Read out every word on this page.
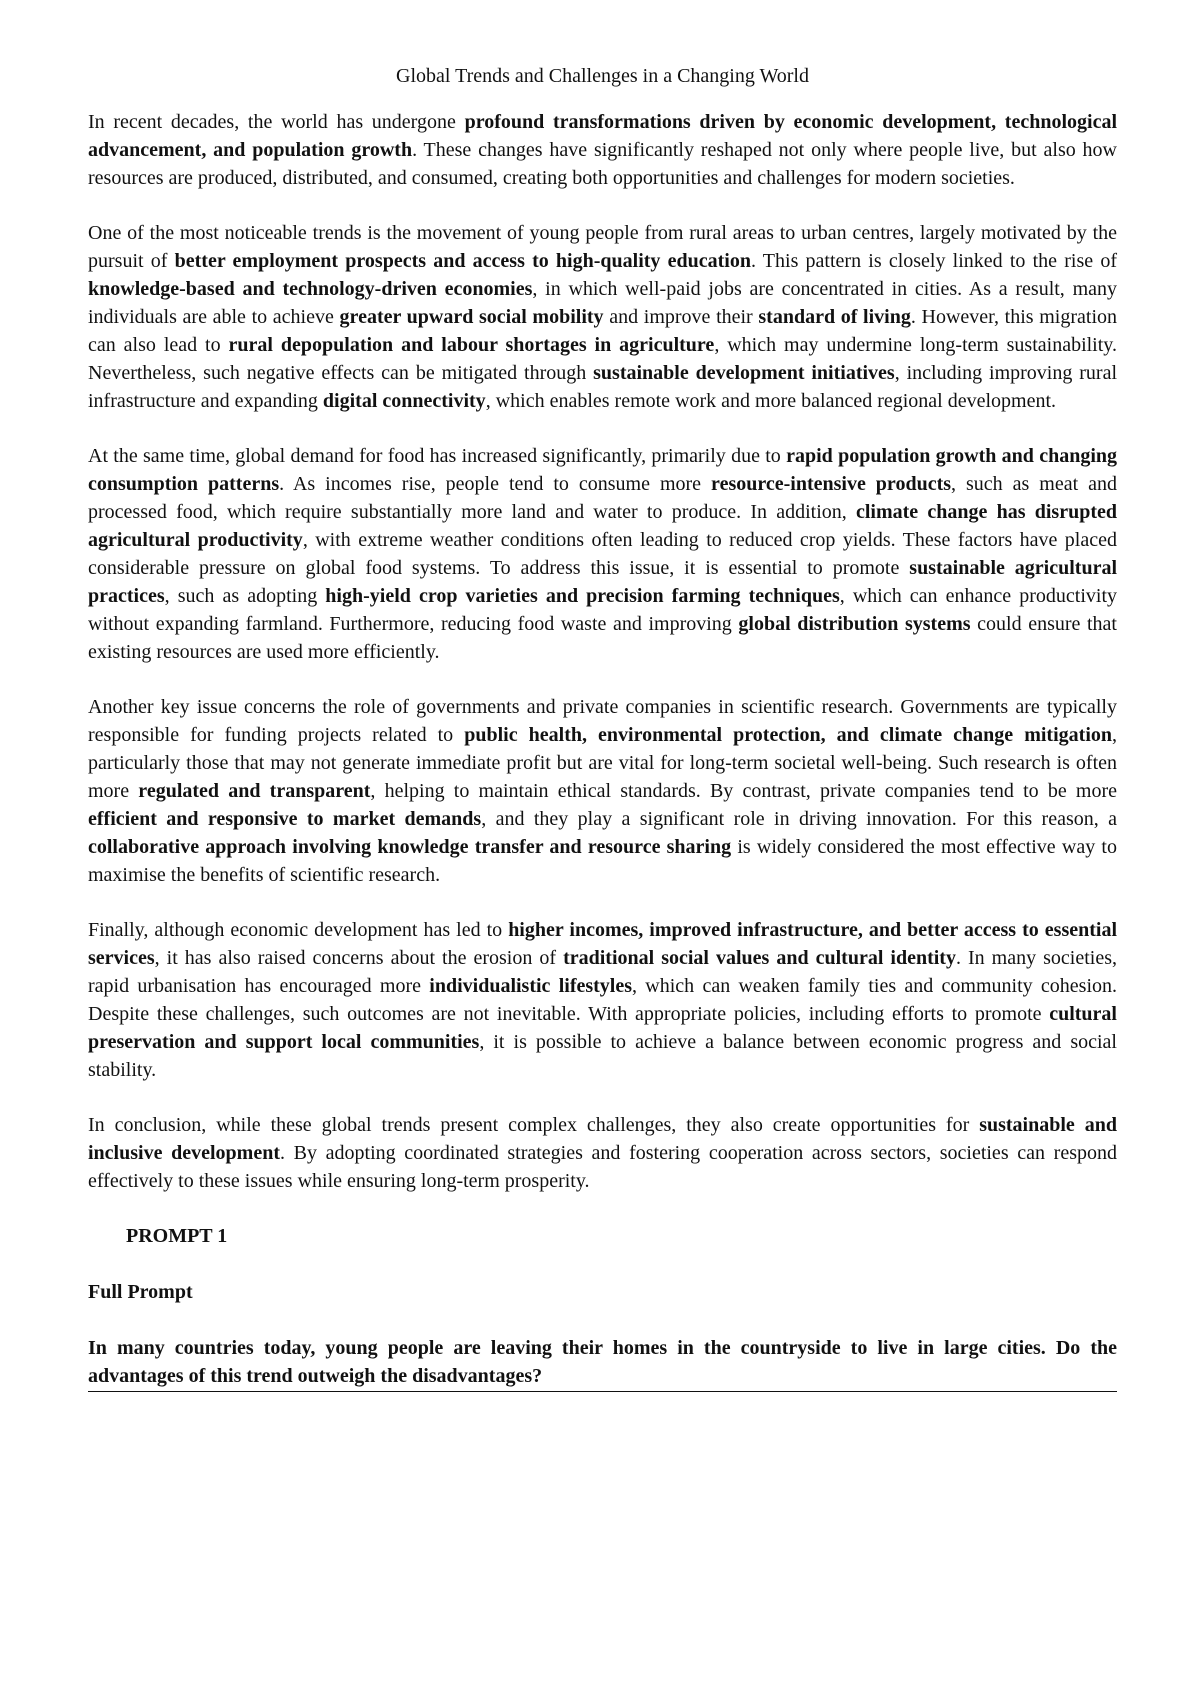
Global Trends and Challenges in a Changing World

In recent decades, the world has undergone profound transformations driven by economic development, technological advancement, and population growth. These changes have significantly reshaped not only where people live, but also how resources are produced, distributed, and consumed, creating both opportunities and challenges for modern societies.

One of the most noticeable trends is the movement of young people from rural areas to urban centres, largely motivated by the pursuit of better employment prospects and access to high-quality education. This pattern is closely linked to the rise of knowledge-based and technology-driven economies, in which well-paid jobs are concentrated in cities. As a result, many individuals are able to achieve greater upward social mobility and improve their standard of living. However, this migration can also lead to rural depopulation and labour shortages in agriculture, which may undermine long-term sustainability. Nevertheless, such negative effects can be mitigated through sustainable development initiatives, including improving rural infrastructure and expanding digital connectivity, which enables remote work and more balanced regional development.

At the same time, global demand for food has increased significantly, primarily due to rapid population growth and changing consumption patterns. As incomes rise, people tend to consume more resource-intensive products, such as meat and processed food, which require substantially more land and water to produce. In addition, climate change has disrupted agricultural productivity, with extreme weather conditions often leading to reduced crop yields. These factors have placed considerable pressure on global food systems. To address this issue, it is essential to promote sustainable agricultural practices, such as adopting high-yield crop varieties and precision farming techniques, which can enhance productivity without expanding farmland. Furthermore, reducing food waste and improving global distribution systems could ensure that existing resources are used more efficiently.

Another key issue concerns the role of governments and private companies in scientific research. Governments are typically responsible for funding projects related to public health, environmental protection, and climate change mitigation, particularly those that may not generate immediate profit but are vital for long-term societal well-being. Such research is often more regulated and transparent, helping to maintain ethical standards. By contrast, private companies tend to be more efficient and responsive to market demands, and they play a significant role in driving innovation. For this reason, a collaborative approach involving knowledge transfer and resource sharing is widely considered the most effective way to maximise the benefits of scientific research.

Finally, although economic development has led to higher incomes, improved infrastructure, and better access to essential services, it has also raised concerns about the erosion of traditional social values and cultural identity. In many societies, rapid urbanisation has encouraged more individualistic lifestyles, which can weaken family ties and community cohesion. Despite these challenges, such outcomes are not inevitable. With appropriate policies, including efforts to promote cultural preservation and support local communities, it is possible to achieve a balance between economic progress and social stability.

In conclusion, while these global trends present complex challenges, they also create opportunities for sustainable and inclusive development. By adopting coordinated strategies and fostering cooperation across sectors, societies can respond effectively to these issues while ensuring long-term prosperity.

PROMPT 1
Full Prompt

In many countries today, young people are leaving their homes in the countryside to live in large cities. Do the advantages of this trend outweigh the disadvantages?
